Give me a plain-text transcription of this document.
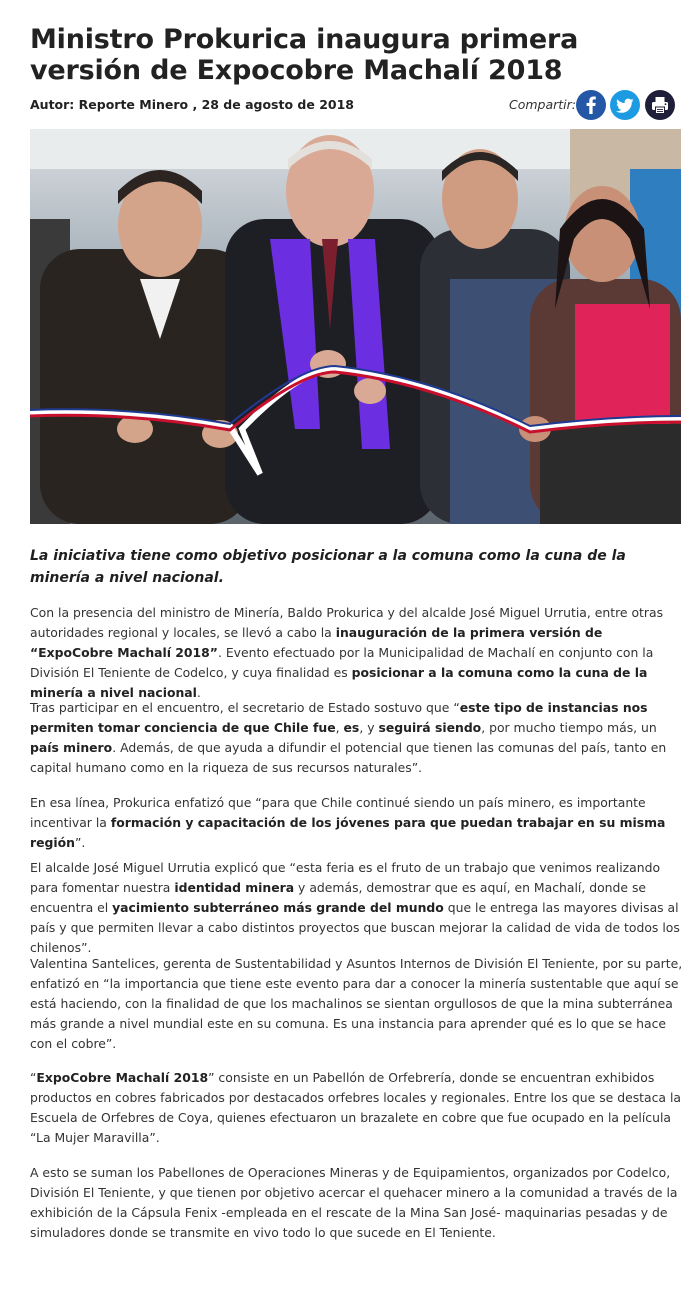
Ministro Prokurica inaugura primera versión de Expocobre Machalí 2018
Autor: Reporte Minero , 28 de agosto de 2018	Compartir:

La iniciativa tiene como objetivo posicionar a la comuna como la cuna de la minería a nivel nacional.

Con la presencia del ministro de Minería, Baldo Prokurica y del alcalde José Miguel Urrutia, entre otras autoridades regional y locales, se llevó a cabo la inauguración de la primera versión de “ExpoCobre Machalí 2018”. Evento efectuado por la Municipalidad de Machalí en conjunto con la División El Teniente de Codelco, y cuya finalidad es posicionar a la comuna como la cuna de la minería a nivel nacional.

Tras participar en el encuentro, el secretario de Estado sostuvo que “este tipo de instancias nos permiten tomar conciencia de que Chile fue, es, y seguirá siendo, por mucho tiempo más, un país minero. Además, de que ayuda a difundir el potencial que tienen las comunas del país, tanto en capital humano como en la riqueza de sus recursos naturales”.

En esa línea, Prokurica enfatizó que “para que Chile continué siendo un país minero, es importante incentivar la formación y capacitación de los jóvenes para que puedan trabajar en su misma región”.

El alcalde José Miguel Urrutia explicó que “esta feria es el fruto de un trabajo que venimos realizando para fomentar nuestra identidad minera y además, demostrar que es aquí, en Machalí, donde se encuentra el yacimiento subterráneo más grande del mundo que le entrega las mayores divisas al país y que permiten llevar a cabo distintos proyectos que buscan mejorar la calidad de vida de todos los chilenos”.

Valentina Santelices, gerenta de Sustentabilidad y Asuntos Internos de División El Teniente, por su parte, enfatizó en “la importancia que tiene este evento para dar a conocer la minería sustentable que aquí se está haciendo, con la finalidad de que los machalinos se sientan orgullosos de que la mina subterránea más grande a nivel mundial este en su comuna. Es una instancia para aprender qué es lo que se hace con el cobre”.

“ExpoCobre Machalí 2018” consiste en un Pabellón de Orfebrería, donde se encuentran exhibidos productos en cobres fabricados por destacados orfebres locales y regionales. Entre los que se destaca la Escuela de Orfebres de Coya, quienes efectuaron un brazalete en cobre que fue ocupado en la película “La Mujer Maravilla”.

A esto se suman los Pabellones de Operaciones Mineras y de Equipamientos, organizados por Codelco, División El Teniente, y que tienen por objetivo acercar el quehacer minero a la comunidad a través de la exhibición de la Cápsula Fenix -empleada en el rescate de la Mina San José- maquinarias pesadas y de simuladores donde se transmite en vivo todo lo que sucede en El Teniente.
